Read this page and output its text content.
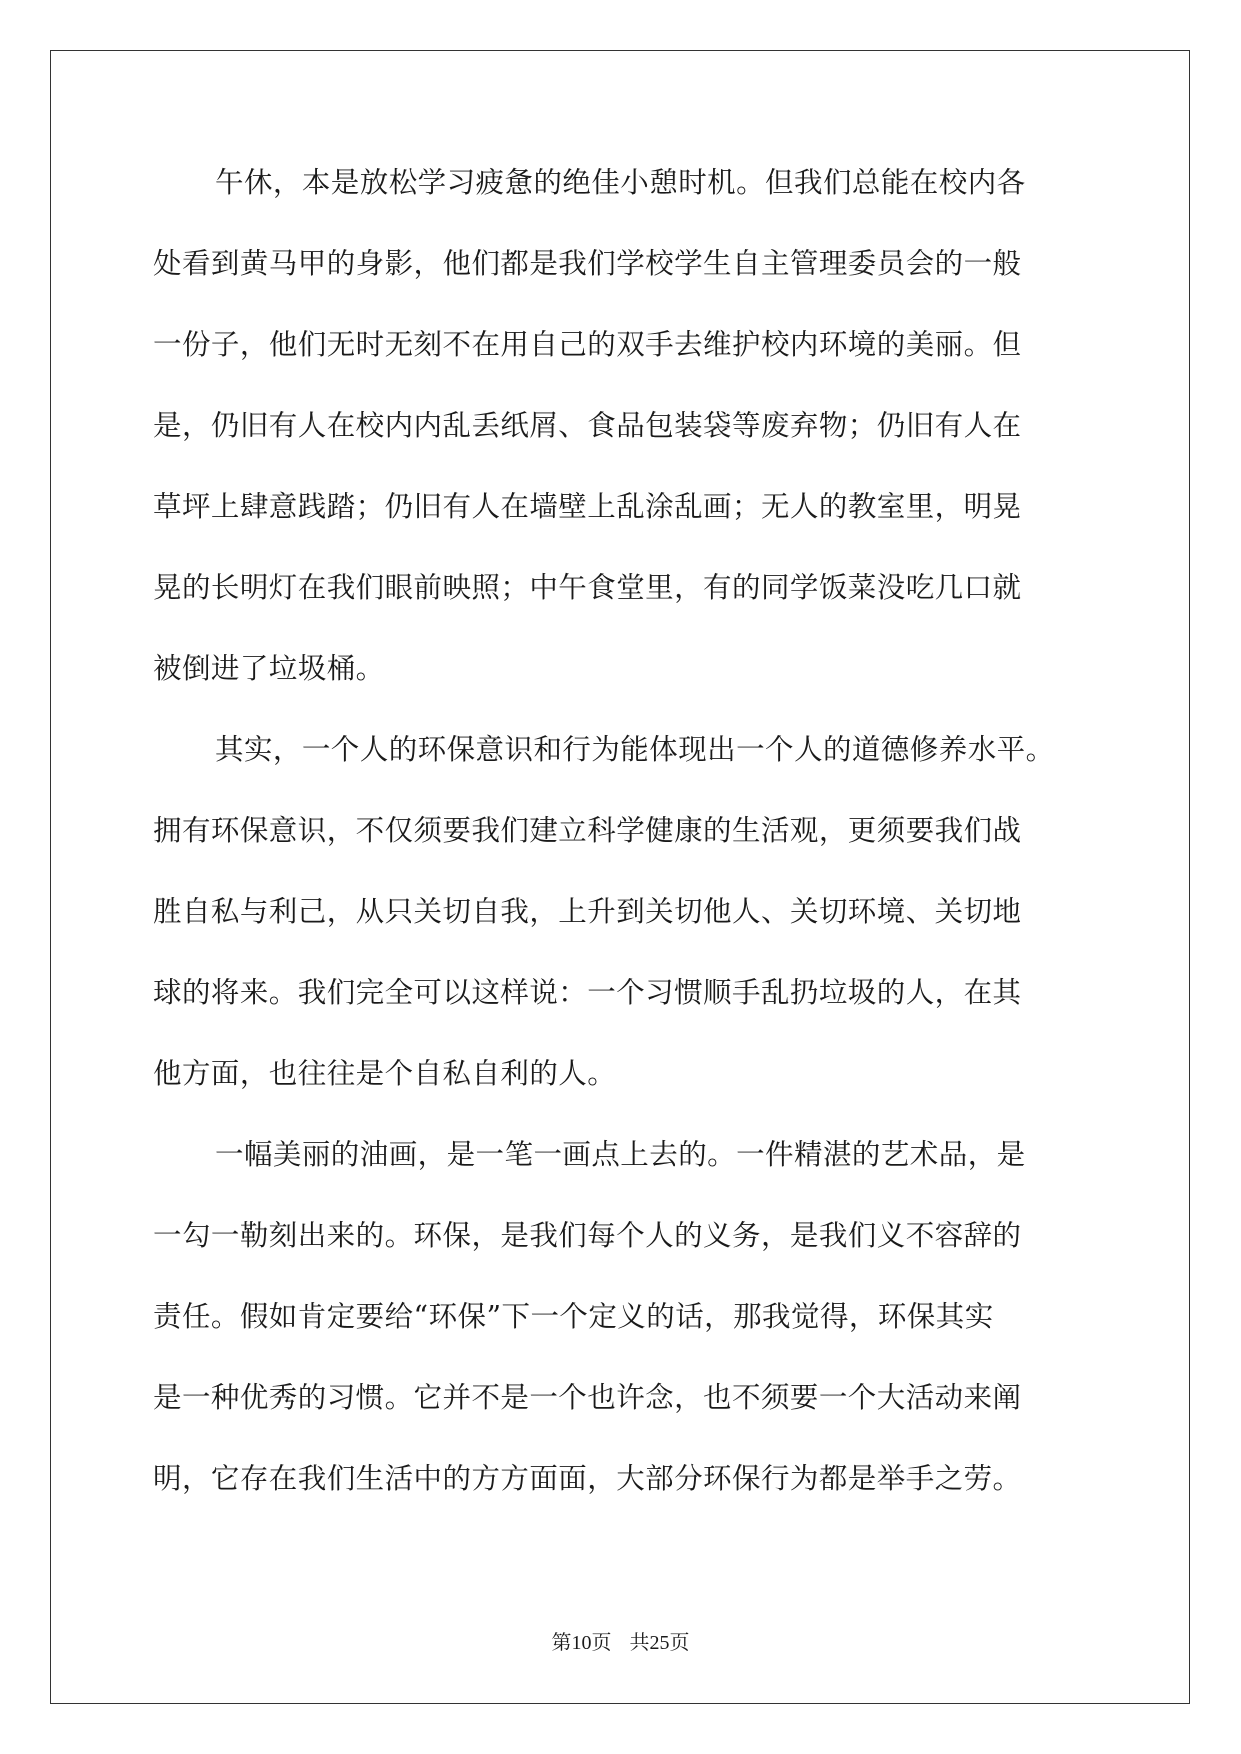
午休，本是放松学习疲惫的绝佳小憩时机。但我们总能在校内各
处看到黄马甲的身影，他们都是我们学校学生自主管理委员会的一般
一份子，他们无时无刻不在用自己的双手去维护校内环境的美丽。但
是，仍旧有人在校内内乱丢纸屑、食品包装袋等废弃物；仍旧有人在
草坪上肆意践踏；仍旧有人在墙壁上乱涂乱画；无人的教室里，明晃
晃的长明灯在我们眼前映照；中午食堂里，有的同学饭菜没吃几口就
被倒进了垃圾桶。
其实，一个人的环保意识和行为能体现出一个人的道德修养水平。
拥有环保意识，不仅须要我们建立科学健康的生活观，更须要我们战
胜自私与利己，从只关切自我，上升到关切他人、关切环境、关切地
球的将来。我们完全可以这样说：一个习惯顺手乱扔垃圾的人，在其
他方面，也往往是个自私自利的人。
一幅美丽的油画，是一笔一画点上去的。一件精湛的艺术品，是
一勾一勒刻出来的。环保，是我们每个人的义务，是我们义不容辞的
责任。假如肯定要给“环保”下一个定义的话，那我觉得，环保其实
是一种优秀的习惯。它并不是一个也许念，也不须要一个大活动来阐
明，它存在我们生活中的方方面面，大部分环保行为都是举手之劳。
第10页 共25页
